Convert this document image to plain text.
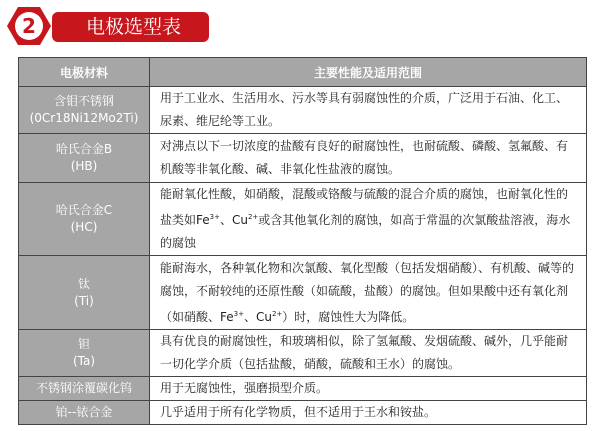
2	电极选型表
电极材料	主要性能及适用范围

含钼不锈钢
(0Cr18Ni12Mo2Ti)	用于工业水、生活用水、污水等具有弱腐蚀性的介质，广泛用于石油、化工、尿素、维尼纶等工业。

哈氏合金B
(HB)	对沸点以下一切浓度的盐酸有良好的耐腐蚀性，也耐硫酸、磷酸、氢氟酸、有机酸等非氧化酸、碱、非氧化性盐液的腐蚀。

哈氏合金C
(HC)	能耐氧化性酸，如硝酸，混酸或铬酸与硫酸的混合介质的腐蚀，也耐氧化性的盐类如$Fe^{3+}$、$Cu^{2+}$或含其他氧化剂的腐蚀，如高于常温的次氯酸盐溶液，海水的腐蚀

钛
(Ti)	能耐海水，各种氧化物和次氯酸、氧化型酸（包括发烟硝酸）、有机酸、碱等的腐蚀，不耐较纯的还原性酸（如硫酸，盐酸）的腐蚀。但如果酸中还有氧化剂（如硝酸、$Fe^{3+}$、$Cu^{2+}$）时，腐蚀性大为降低。

钽
(Ta)	具有优良的耐腐蚀性，和玻璃相似，除了氢氟酸、发烟硫酸、碱外，几乎能耐一切化学介质（包括盐酸，硝酸，硫酸和王水）的腐蚀。

不锈钢涂覆碳化钨	用于无腐蚀性，强磨损型介质。

铂--铱合金	几乎适用于所有化学物质，但不适用于王水和铵盐。
